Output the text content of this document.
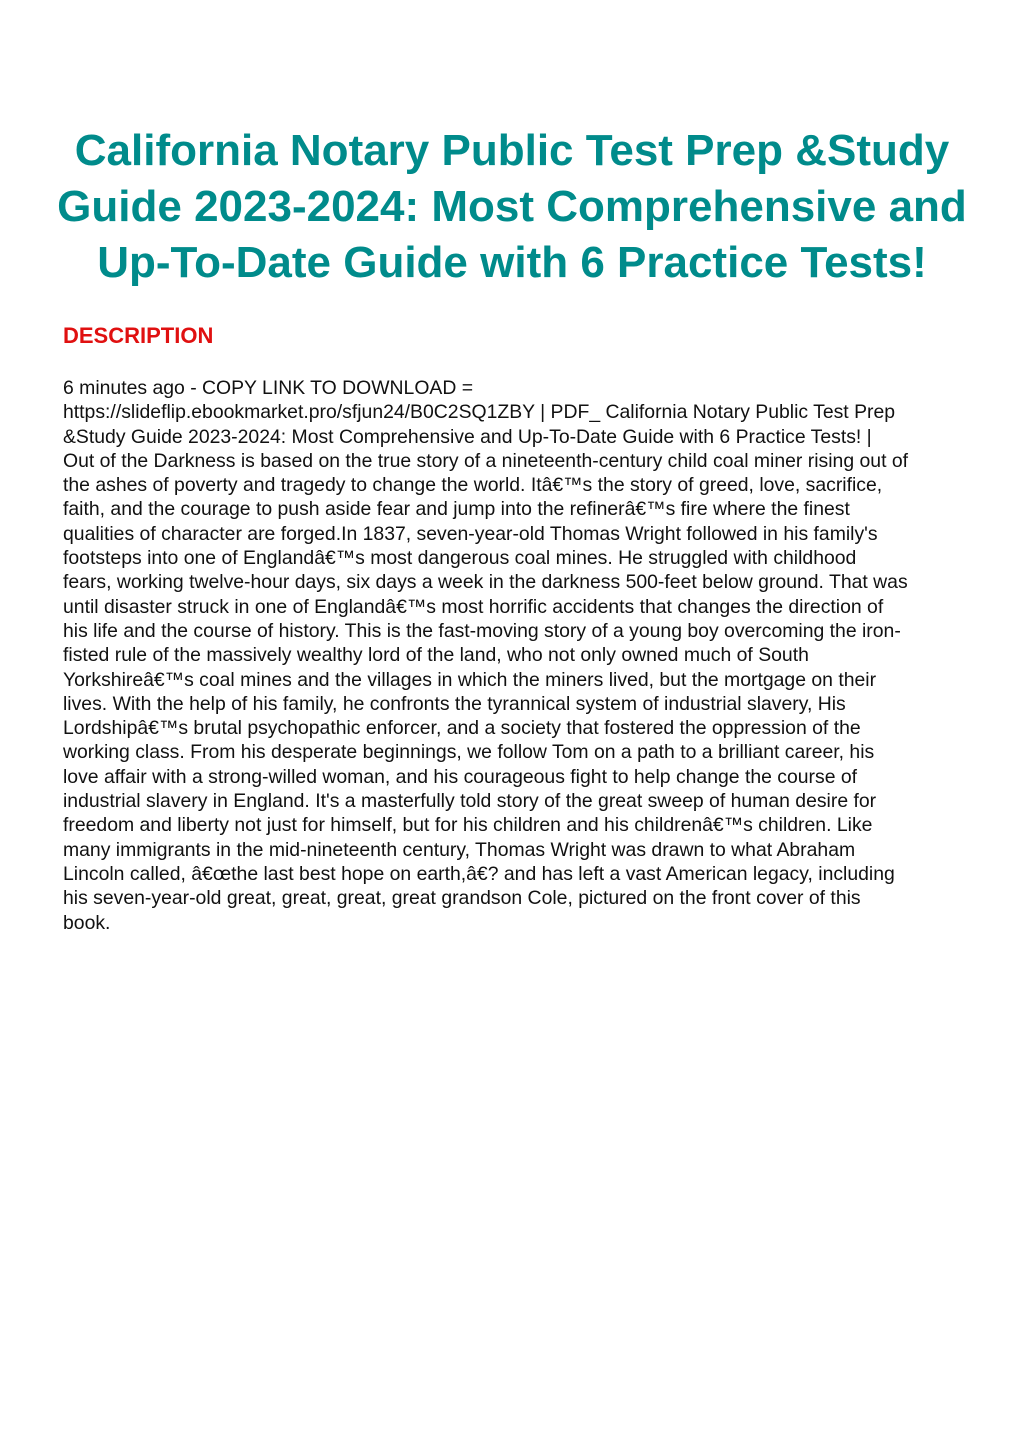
California Notary Public Test Prep &Study Guide 2023-2024: Most Comprehensive and Up-To-Date Guide with 6 Practice Tests!
DESCRIPTION

6 minutes ago - COPY LINK TO DOWNLOAD =
https://slideflip.ebookmarket.pro/sfjun24/B0C2SQ1ZBY | PDF_ California Notary Public Test Prep
&Study Guide 2023-2024: Most Comprehensive and Up-To-Date Guide with 6 Practice Tests! |
Out of the Darkness is based on the true story of a nineteenth-century child coal miner rising out of
the ashes of poverty and tragedy to change the world. Itâ€™s the story of greed, love, sacrifice,
faith, and the courage to push aside fear and jump into the refinerâ€™s fire where the finest
qualities of character are forged.In 1837, seven-year-old Thomas Wright followed in his family's
footsteps into one of Englandâ€™s most dangerous coal mines. He struggled with childhood
fears, working twelve-hour days, six days a week in the darkness 500-feet below ground. That was
until disaster struck in one of Englandâ€™s most horrific accidents that changes the direction of
his life and the course of history. This is the fast-moving story of a young boy overcoming the iron-
fisted rule of the massively wealthy lord of the land, who not only owned much of South
Yorkshireâ€™s coal mines and the villages in which the miners lived, but the mortgage on their
lives. With the help of his family, he confronts the tyrannical system of industrial slavery, His
Lordshipâ€™s brutal psychopathic enforcer, and a society that fostered the oppression of the
working class. From his desperate beginnings, we follow Tom on a path to a brilliant career, his
love affair with a strong-willed woman, and his courageous fight to help change the course of
industrial slavery in England. It's a masterfully told story of the great sweep of human desire for
freedom and liberty not just for himself, but for his children and his childrenâ€™s children. Like
many immigrants in the mid-nineteenth century, Thomas Wright was drawn to what Abraham
Lincoln called, â€œthe last best hope on earth,â€? and has left a vast American legacy, including
his seven-year-old great, great, great, great grandson Cole, pictured on the front cover of this
book.
